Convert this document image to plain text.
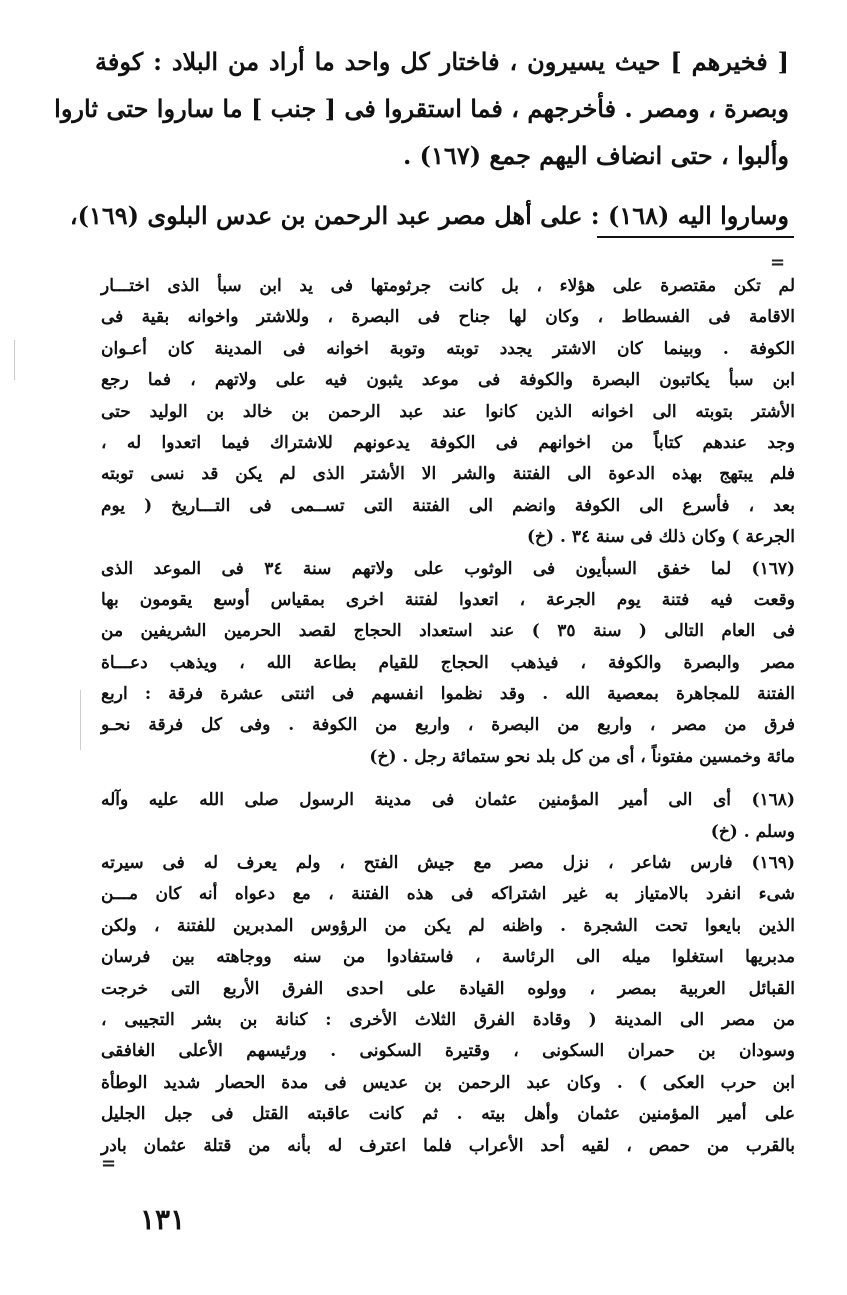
[ فخيرهم ] حيث يسيرون ، فاختار كل واحد ما أراد من البلاد : كوفة
وبصرة ، ومصر . فأخرجهم ، فما استقروا فى [ جنب ] ما ساروا حتى ثاروا
وألبوا ، حتى انضاف اليهم جمع (١٦٧) .
وساروا اليه (١٦٨) : على أهل مصر عبد الرحمن بن عدس البلوى (١٦٩)،
=
لم تكن مقتصرة على هؤلاء ، بل كانت جرثومتها فى يد ابن سبأ الذى اختـــار
الاقامة فى الفسطاط ، وكان لها جناح فى البصرة ، وللاشتر واخوانه بقية فى
الكوفة . وبينما كان الاشتر يجدد توبته وتوبة اخوانه فى المدينة كان أعـوان
ابن سبأ يكاتبون البصرة والكوفة فى موعد يثبون فيه على ولاتهم ، فما رجع
الأشتر بتوبته الى اخوانه الذين كانوا عند عبد الرحمن بن خالد بن الوليد حتى
وجد عندهم كتاباً من اخوانهم فى الكوفة يدعونهم للاشتراك فيما اتعدوا له ،
فلم يبتهج بهذه الدعوة الى الفتنة والشر الا الأشتر الذى لم يكن قد نسى توبته
بعد ، فأسرع الى الكوفة وانضم الى الفتنة التى تســمى فى التـــاريخ ( يوم
الجرعة ) وكان ذلك فى سنة ٣٤ . (خ)
(١٦٧) لما خفق السبأيون فى الوثوب على ولاتهم سنة ٣٤ فى الموعد الذى
وقعت فيه فتنة يوم الجرعة ، اتعدوا لفتنة اخرى بمقياس أوسع يقومون بها
فى العام التالى ( سنة ٣٥ ) عند استعداد الحجاج لقصد الحرمين الشريفين من
مصر والبصرة والكوفة ، فيذهب الحجاج للقيام بطاعة الله ، ويذهب دعـــاة
الفتنة للمجاهرة بمعصية الله . وقد نظموا انفسهم فى اثنتى عشرة فرقة : اربع
فرق من مصر ، واربع من البصرة ، واربع من الكوفة . وفى كل فرقة نحـو
مائة وخمسين مفتوناً ، أى من كل بلد نحو ستمائة رجل . (خ)
(١٦٨) أى الى أمير المؤمنين عثمان فى مدينة الرسول صلى الله عليه وآله
وسلم . (خ)
(١٦٩) فارس شاعر ، نزل مصر مع جيش الفتح ، ولم يعرف له فى سيرته
شىء انفرد بالامتياز به غير اشتراكه فى هذه الفتنة ، مع دعواه أنه كان مـــن
الذين بايعوا تحت الشجرة . واظنه لم يكن من الرؤوس المدبرين للفتنة ، ولكن
مدبريها استغلوا ميله الى الرئاسة ، فاستفادوا من سنه ووجاهته بين فرسان
القبائل العربية بمصر ، وولوه القيادة على احدى الفرق الأربع التى خرجت
من مصر الى المدينة ( وقادة الفرق الثلاث الأخرى : كنانة بن بشر التجيبى ،
وسودان بن حمران السكونى ، وقتيرة السكونى . ورئيسهم الأعلى الغافقى
ابن حرب العكى ) . وكان عبد الرحمن بن عديس فى مدة الحصار شديد الوطأة
على أمير المؤمنين عثمان وأهل بيته . ثم كانت عاقبته القتل فى جبل الجليل
بالقرب من حمص ، لقيه أحد الأعراب فلما اعترف له بأنه من قتلة عثمان بادر
=
١٣١
